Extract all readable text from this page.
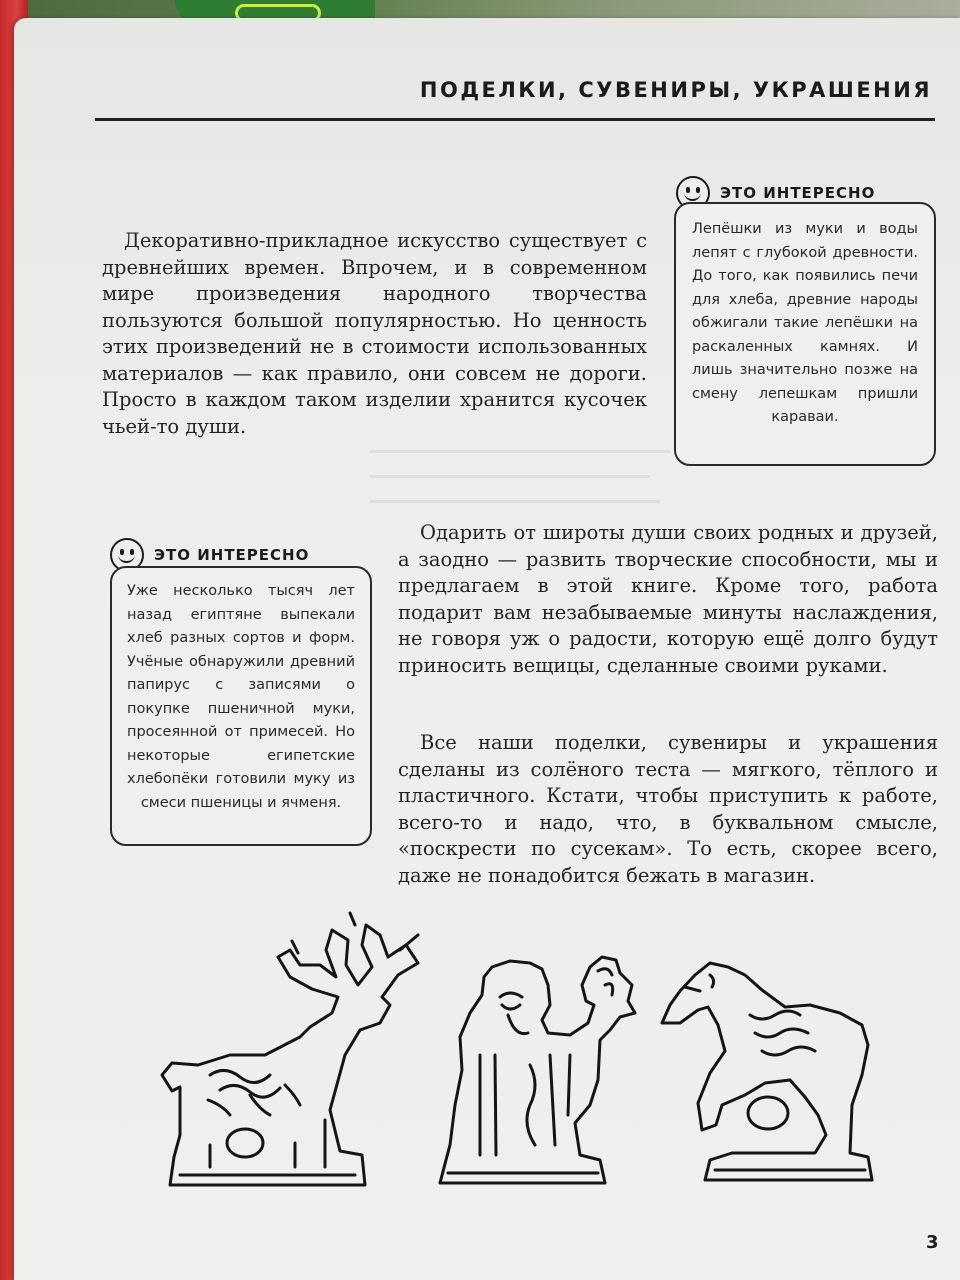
ПОДЕЛКИ, СУВЕНИРЫ, УКРАШЕНИЯ

Декоративно-прикладное искусство существует с древнейших времен. Впрочем, и в современном мире произведения народного творчества пользуются большой популярностью. Но ценность этих произведений не в стоимости использованных материалов — как правило, они совсем не дороги. Просто в каждом таком изделии хранится кусочек чьей-то души.

ЭТО ИНТЕРЕСНО

Лепёшки из муки и воды лепят с глубокой древности. До того, как появились печи для хлеба, древние народы обжигали такие лепёшки на раскаленных камнях. И лишь значительно позже на смену лепешкам пришли караваи.

ЭТО ИНТЕРЕСНО

Уже несколько тысяч лет назад египтяне выпекали хлеб разных сортов и форм. Учёные обнаружили древний папирус с записями о покупке пшеничной муки, просеянной от примесей. Но некоторые египетские хлебопёки готовили муку из смеси пшеницы и ячменя.

Одарить от широты души своих родных и друзей, а заодно — развить творческие способности, мы и предлагаем в этой книге. Кроме того, работа подарит вам незабываемые минуты наслаждения, не говоря уж о радости, которую ещё долго будут приносить вещицы, сделанные своими руками.

Все наши поделки, сувениры и украшения сделаны из солёного теста — мягкого, тёплого и пластичного. Кстати, чтобы приступить к работе, всего-то и надо, что, в буквальном смысле, «поскрести по сусекам». То есть, скорее всего, даже не понадобится бежать в магазин.

3
